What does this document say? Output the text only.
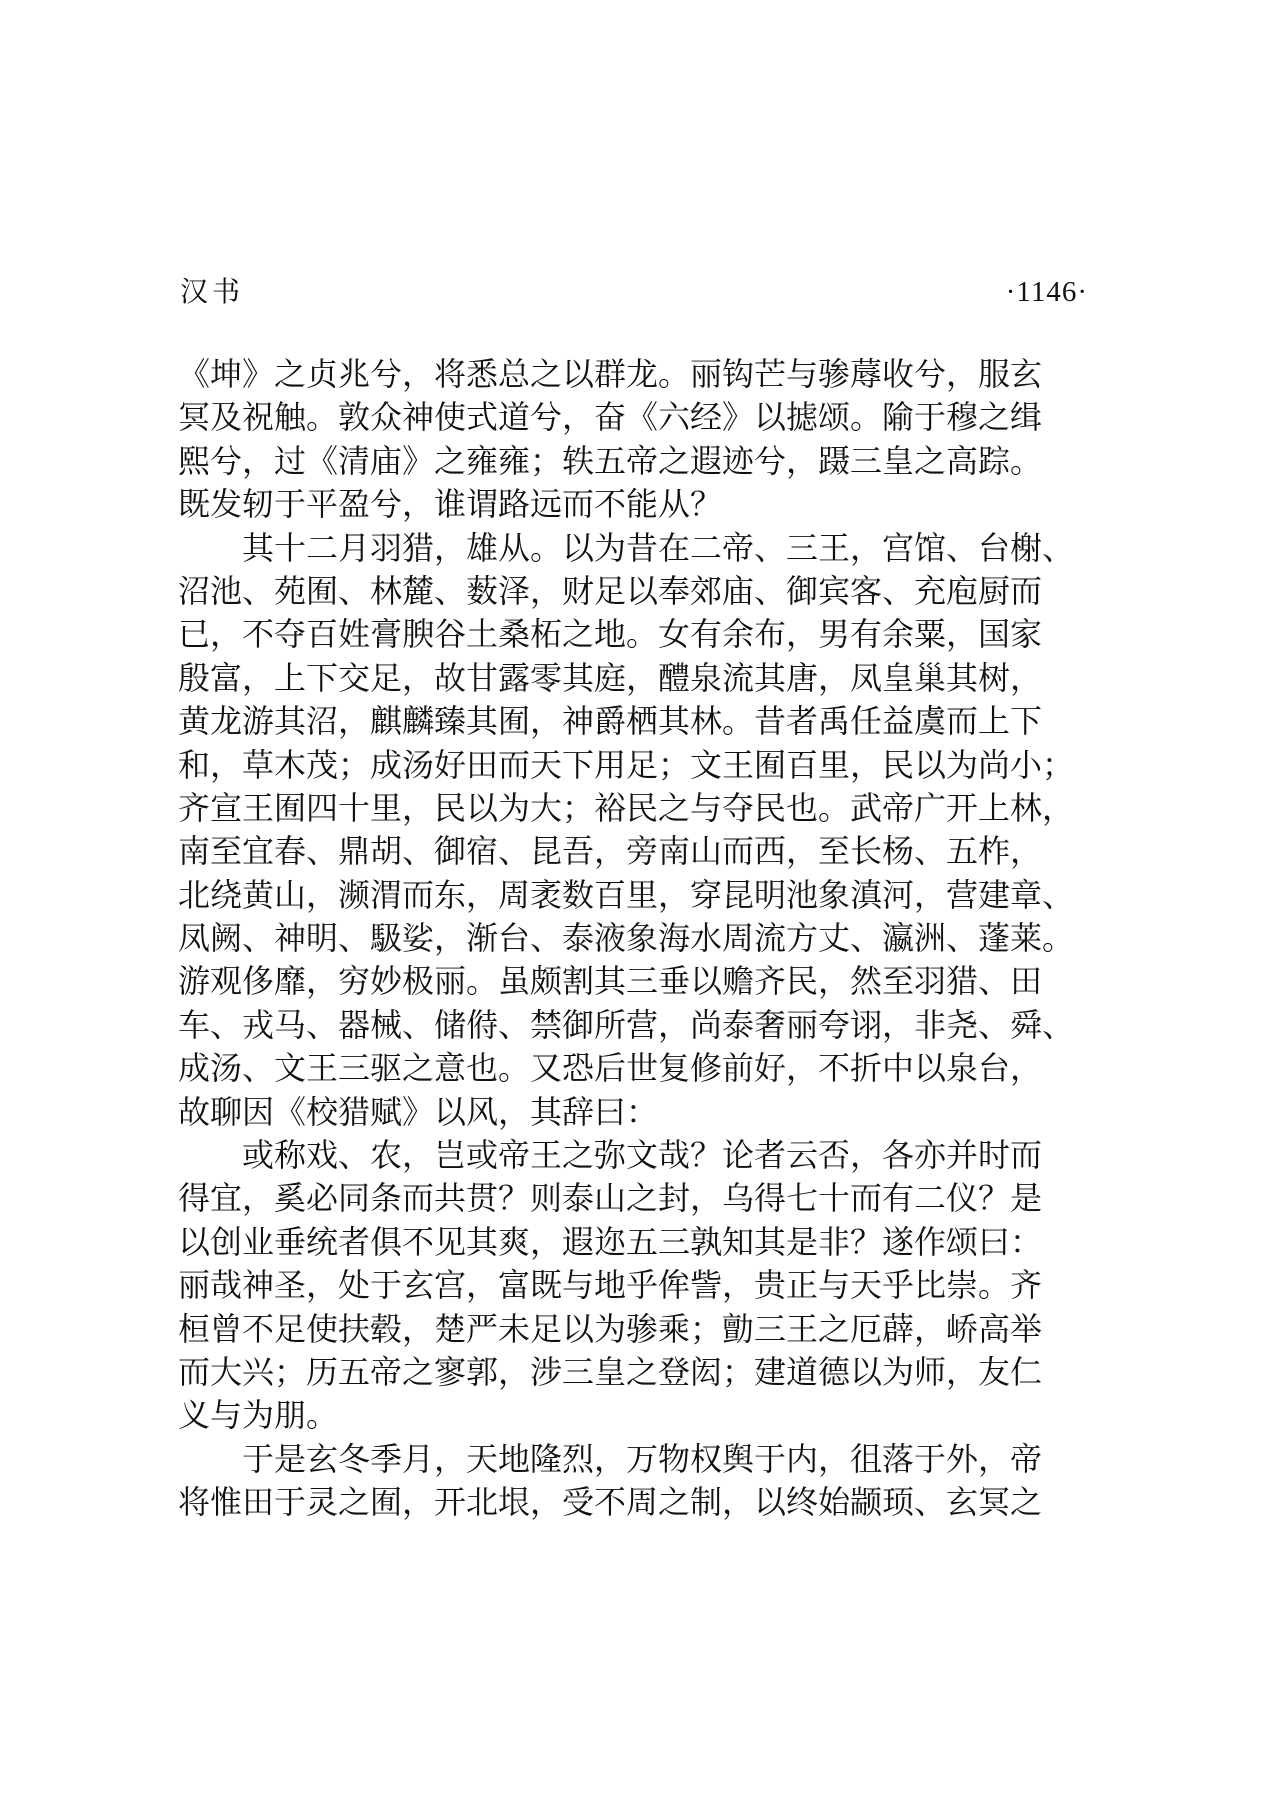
汉书	·1146·
《坤》之贞兆兮，将悉总之以群龙。丽钩芒与骖蓐收兮，服玄
冥及祝触。敦众神使式道兮，奋《六经》以摅颂。隃于穆之缉
熙兮，过《清庙》之雍雍；轶五帝之遐迹兮，蹑三皇之高踪。
既发轫于平盈兮，谁谓路远而不能从？
其十二月羽猎，雄从。以为昔在二帝、三王，宫馆、台榭、
沼池、苑囿、林麓、薮泽，财足以奉郊庙、御宾客、充庖厨而
已，不夺百姓膏腴谷土桑柘之地。女有余布，男有余粟，国家
殷富，上下交足，故甘露零其庭，醴泉流其唐，凤皇巢其树，
黄龙游其沼，麒麟臻其囿，神爵栖其林。昔者禹任益虞而上下
和，草木茂；成汤好田而天下用足；文王囿百里，民以为尚小；
齐宣王囿四十里，民以为大；裕民之与夺民也。武帝广开上林，
南至宜春、鼎胡、御宿、昆吾，旁南山而西，至长杨、五柞，
北绕黄山，濒渭而东，周袤数百里，穿昆明池象滇河，营建章、
凤阙、神明、馺娑，渐台、泰液象海水周流方丈、瀛洲、蓬莱。
游观侈靡，穷妙极丽。虽颇割其三垂以赡齐民，然至羽猎、田
车、戎马、器械、储偫、禁御所营，尚泰奢丽夸诩，非尧、舜、
成汤、文王三驱之意也。又恐后世复修前好，不折中以泉台，
故聊因《校猎赋》以风，其辞曰：
或称戏、农，岂或帝王之弥文哉？论者云否，各亦并时而
得宜，奚必同条而共贯？则泰山之封，乌得七十而有二仪？是
以创业垂统者俱不见其爽，遐迩五三孰知其是非？遂作颂曰：
丽哉神圣，处于玄宫，富既与地乎侔訾，贵正与天乎比崇。齐
桓曾不足使扶毂，楚严未足以为骖乘；勯三王之厄薜，峤高举
而大兴；历五帝之寥郭，涉三皇之登闳；建道德以为师，友仁
义与为朋。
于是玄冬季月，天地隆烈，万物权舆于内，徂落于外，帝
将惟田于灵之囿，开北垠，受不周之制，以终始颛顼、玄冥之
